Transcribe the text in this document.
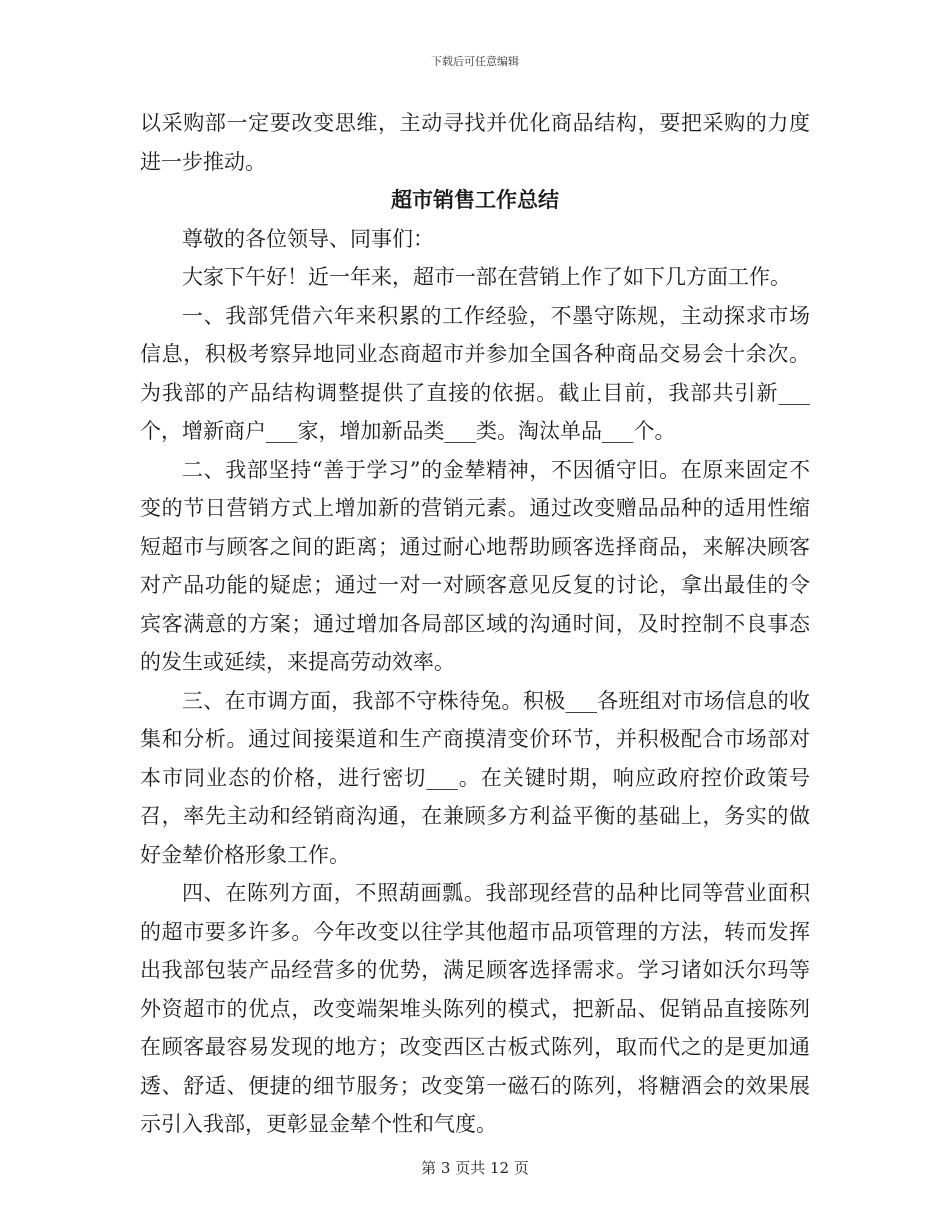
下载后可任意编辑

以采购部一定要改变思维，主动寻找并优化商品结构，要把采购的力度进一步推动。

超市销售工作总结

尊敬的各位领导、同事们：

大家下午好！近一年来，超市一部在营销上作了如下几方面工作。

一、我部凭借六年来积累的工作经验，不墨守陈规，主动探求市场信息，积极考察异地同业态商超市并参加全国各种商品交易会十余次。为我部的产品结构调整提供了直接的依据。截止目前，我部共引新___个，增新商户___家，增加新品类___类。淘汰单品___个。

二、我部坚持“善于学习”的金辇精神，不因循守旧。在原来固定不变的节日营销方式上增加新的营销元素。通过改变赠品品种的适用性缩短超市与顾客之间的距离；通过耐心地帮助顾客选择商品，来解决顾客对产品功能的疑虑；通过一对一对顾客意见反复的讨论，拿出最佳的令宾客满意的方案；通过增加各局部区域的沟通时间，及时控制不良事态的发生或延续，来提高劳动效率。

三、在市调方面，我部不守株待兔。积极___各班组对市场信息的收集和分析。通过间接渠道和生产商摸清变价环节，并积极配合市场部对本市同业态的价格，进行密切___。在关键时期，响应政府控价政策号召，率先主动和经销商沟通，在兼顾多方利益平衡的基础上，务实的做好金辇价格形象工作。

四、在陈列方面，不照葫画瓢。我部现经营的品种比同等营业面积的超市要多许多。今年改变以往学其他超市品项管理的方法，转而发挥出我部包装产品经营多的优势，满足顾客选择需求。学习诸如沃尔玛等外资超市的优点，改变端架堆头陈列的模式，把新品、促销品直接陈列在顾客最容易发现的地方；改变西区古板式陈列，取而代之的是更加通透、舒适、便捷的细节服务；改变第一磁石的陈列，将糖酒会的效果展示引入我部，更彰显金辇个性和气度。

第 3 页共 12 页
